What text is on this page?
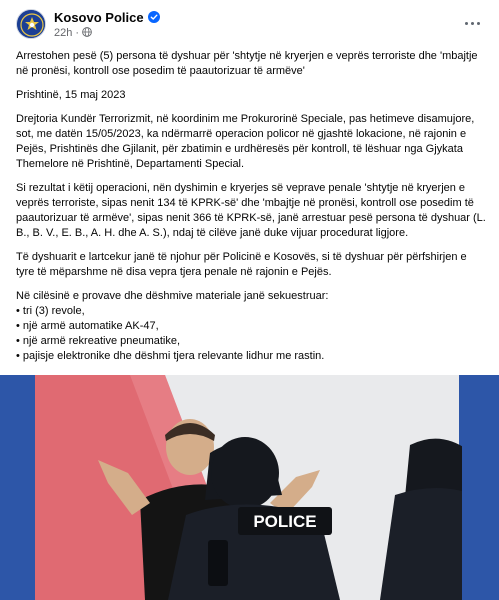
Kosovo Police
22h ·

Arrestohen pesë (5) persona të dyshuar për 'shtytje në kryerjen e veprës terroriste dhe 'mbajtje në pronësi, kontroll ose posedim të paautorizuar të armëve'

Prishtinë, 15 maj 2023

Drejtoria Kundër Terrorizmit, në koordinim me Prokurorinë Speciale, pas hetimeve disamujore, sot, me datën 15/05/2023, ka ndërmarrë operacion policor në gjashtë lokacione, në rajonin e Pejës, Prishtinës dhe Gjilanit, për zbatimin e urdhëresës për kontroll, të lëshuar nga Gjykata Themelore në Prishtinë, Departamenti Special.

Si rezultat i këtij operacioni, nën dyshimin e kryerjes së veprave penale 'shtytje në kryerjen e veprës terroriste, sipas nenit 134 të KPRK-së' dhe 'mbajtje në pronësi, kontroll ose posedim të paautorizuar të armëve', sipas nenit 366 të KPRK-së, janë arrestuar pesë persona të dyshuar (L. B., B. V., E. B., A. H. dhe A. S.), ndaj të cilëve janë duke vijuar procedurat ligjore.

Të dyshuarit e lartcekur janë të njohur për Policinë e Kosovës, si të dyshuar për përfshirjen e tyre të mëparshme në disa vepra tjera penale në rajonin e Pejës.

Në cilësinë e provave dhe dëshmive materiale janë sekuestruar:

• tri (3) revole,
• një armë automatike AK-47,
• një armë rekreative pneumatike,
• pajisje elektronike dhe dëshmi tjera relevante lidhur me rastin.

POLICE
